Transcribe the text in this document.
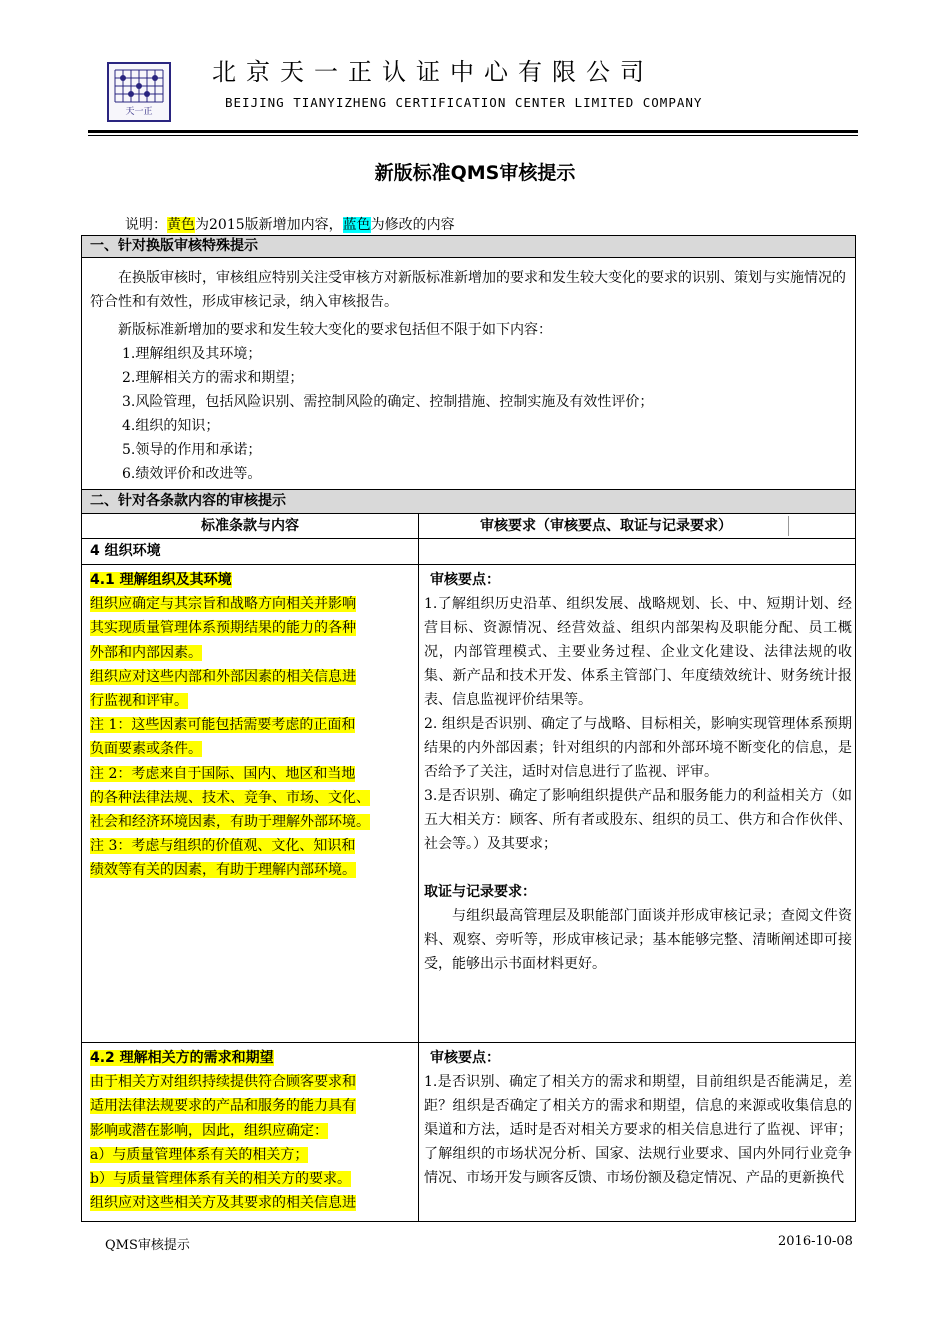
天一正
北京天一正认证中心有限公司
BEIJING TIANYIZHENG CERTIFICATION CENTER LIMITED COMPANY
新版标准QMS审核提示
说明：黄色为2015版新增加内容，蓝色为修改的内容
一、针对换版审核特殊提示
在换版审核时，审核组应特别关注受审核方对新版标准新增加的要求和发生较大变化的要求的识别、策划与实施情况的符合性和有效性，形成审核记录，纳入审核报告。
新版标准新增加的要求和发生较大变化的要求包括但不限于如下内容：
1.理解组织及其环境；
2.理解相关方的需求和期望；
3.风险管理，包括风险识别、需控制风险的确定、控制措施、控制实施及有效性评价；
4.组织的知识；
5.领导的作用和承诺；
6.绩效评价和改进等。
二、针对各条款内容的审核提示
标准条款与内容	审核要求（审核要点、取证与记录要求）
4 组织环境
4.1 理解组织及其环境
组织应确定与其宗旨和战略方向相关并影响
其实现质量管理体系预期结果的能力的各种
外部和内部因素。
组织应对这些内部和外部因素的相关信息进
行监视和评审。
注 1：这些因素可能包括需要考虑的正面和
负面要素或条件。
注 2：考虑来自于国际、国内、地区和当地
的各种法律法规、技术、竞争、市场、文化、
社会和经济环境因素，有助于理解外部环境。
注 3：考虑与组织的价值观、文化、知识和
绩效等有关的因素，有助于理解内部环境。
审核要点：
1.了解组织历史沿革、组织发展、战略规划、长、中、短期计划、经营目标、资源情况、经营效益、组织内部架构及职能分配、员工概况，内部管理模式、主要业务过程、企业文化建设、法律法规的收集、新产品和技术开发、体系主管部门、年度绩效统计、财务统计报表、信息监视评价结果等。
2. 组织是否识别、确定了与战略、目标相关，影响实现管理体系预期结果的内外部因素；针对组织的内部和外部环境不断变化的信息，是否给予了关注，适时对信息进行了监视、评审。
3.是否识别、确定了影响组织提供产品和服务能力的利益相关方（如五大相关方：顾客、所有者或股东、组织的员工、供方和合作伙伴、社会等。）及其要求；
取证与记录要求：
与组织最高管理层及职能部门面谈并形成审核记录；查阅文件资料、观察、旁听等，形成审核记录；基本能够完整、清晰阐述即可接受，能够出示书面材料更好。
4.2 理解相关方的需求和期望
由于相关方对组织持续提供符合顾客要求和
适用法律法规要求的产品和服务的能力具有
影响或潜在影响，因此，组织应确定：
a）与质量管理体系有关的相关方；
b）与质量管理体系有关的相关方的要求。
组织应对这些相关方及其要求的相关信息进
审核要点：
1.是否识别、确定了相关方的需求和期望，目前组织是否能满足，差距？组织是否确定了相关方的需求和期望，信息的来源或收集信息的渠道和方法，适时是否对相关方要求的相关信息进行了监视、评审；了解组织的市场状况分析、国家、法规行业要求、国内外同行业竞争情况、市场开发与顾客反馈、市场份额及稳定情况、产品的更新换代
QMS审核提示	2016-10-08
